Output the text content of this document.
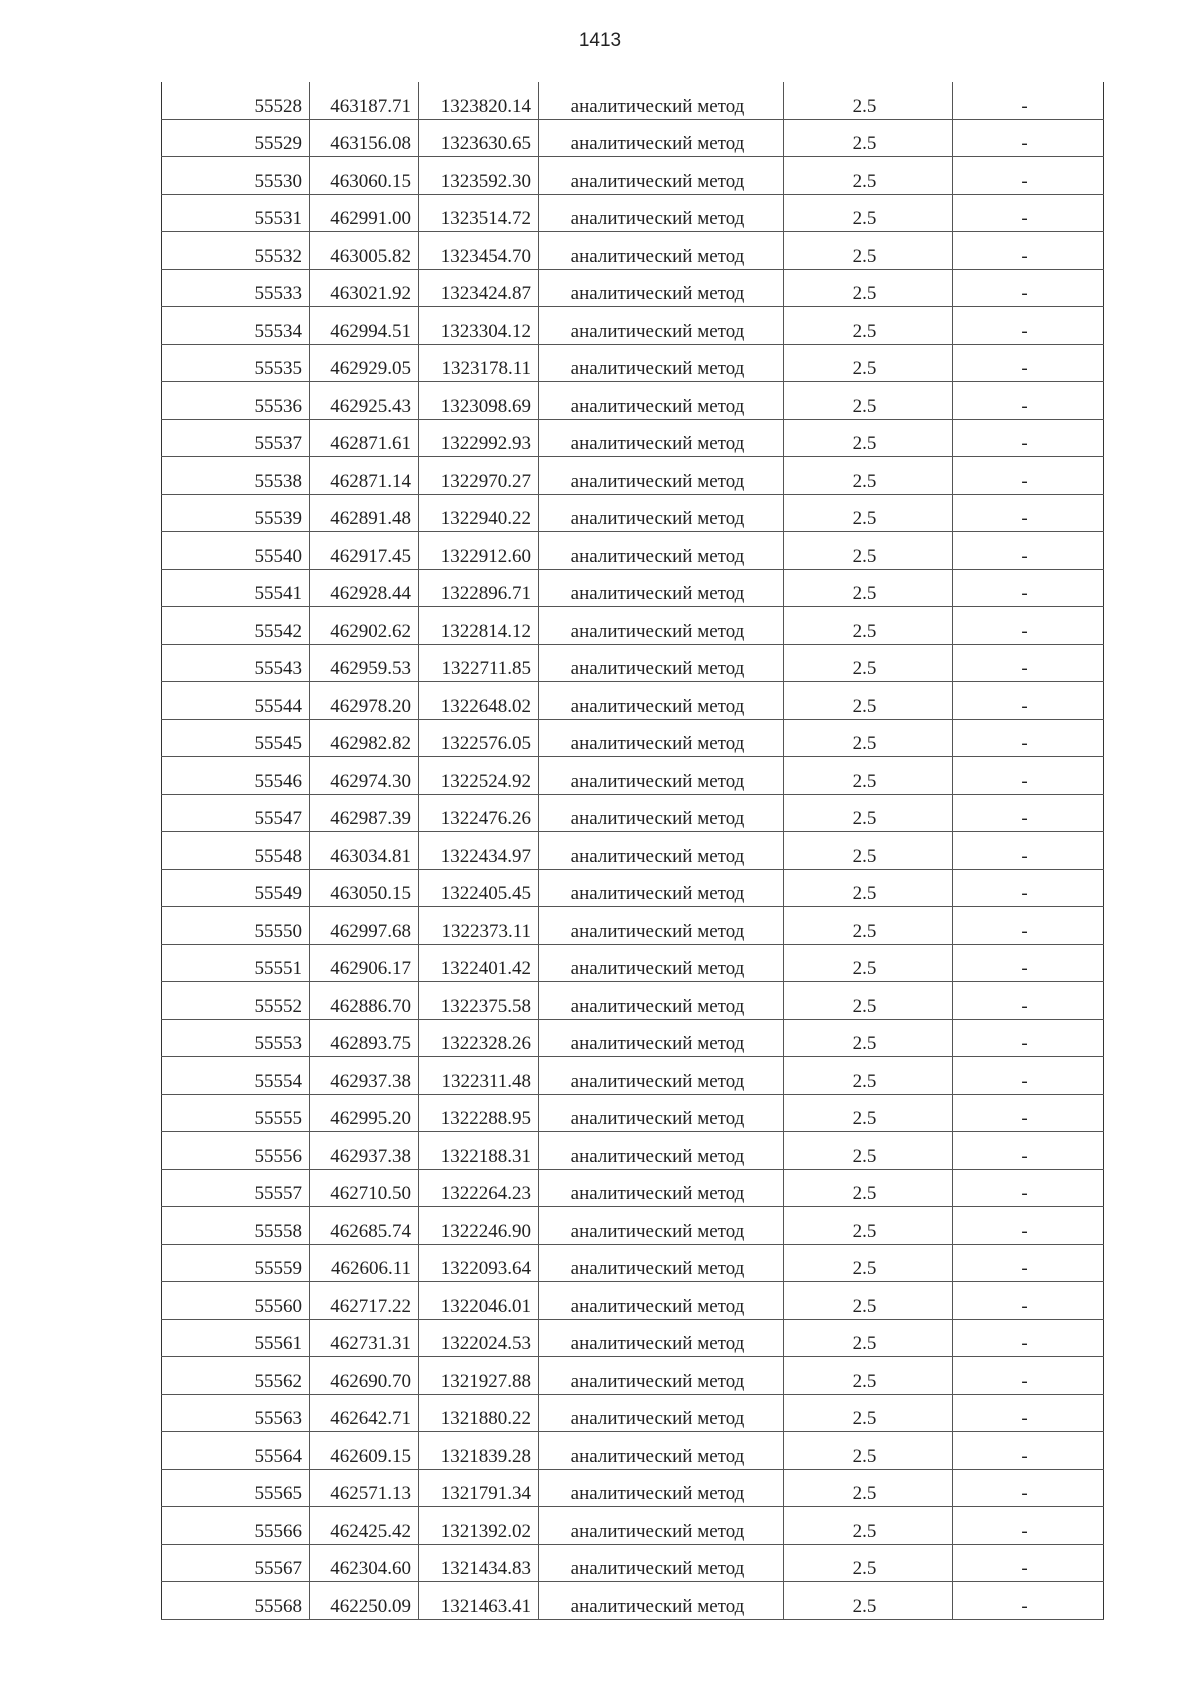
1413
55528	463187.71	1323820.14	аналитический метод	2.5	-
55529	463156.08	1323630.65	аналитический метод	2.5	-
55530	463060.15	1323592.30	аналитический метод	2.5	-
55531	462991.00	1323514.72	аналитический метод	2.5	-
55532	463005.82	1323454.70	аналитический метод	2.5	-
55533	463021.92	1323424.87	аналитический метод	2.5	-
55534	462994.51	1323304.12	аналитический метод	2.5	-
55535	462929.05	1323178.11	аналитический метод	2.5	-
55536	462925.43	1323098.69	аналитический метод	2.5	-
55537	462871.61	1322992.93	аналитический метод	2.5	-
55538	462871.14	1322970.27	аналитический метод	2.5	-
55539	462891.48	1322940.22	аналитический метод	2.5	-
55540	462917.45	1322912.60	аналитический метод	2.5	-
55541	462928.44	1322896.71	аналитический метод	2.5	-
55542	462902.62	1322814.12	аналитический метод	2.5	-
55543	462959.53	1322711.85	аналитический метод	2.5	-
55544	462978.20	1322648.02	аналитический метод	2.5	-
55545	462982.82	1322576.05	аналитический метод	2.5	-
55546	462974.30	1322524.92	аналитический метод	2.5	-
55547	462987.39	1322476.26	аналитический метод	2.5	-
55548	463034.81	1322434.97	аналитический метод	2.5	-
55549	463050.15	1322405.45	аналитический метод	2.5	-
55550	462997.68	1322373.11	аналитический метод	2.5	-
55551	462906.17	1322401.42	аналитический метод	2.5	-
55552	462886.70	1322375.58	аналитический метод	2.5	-
55553	462893.75	1322328.26	аналитический метод	2.5	-
55554	462937.38	1322311.48	аналитический метод	2.5	-
55555	462995.20	1322288.95	аналитический метод	2.5	-
55556	462937.38	1322188.31	аналитический метод	2.5	-
55557	462710.50	1322264.23	аналитический метод	2.5	-
55558	462685.74	1322246.90	аналитический метод	2.5	-
55559	462606.11	1322093.64	аналитический метод	2.5	-
55560	462717.22	1322046.01	аналитический метод	2.5	-
55561	462731.31	1322024.53	аналитический метод	2.5	-
55562	462690.70	1321927.88	аналитический метод	2.5	-
55563	462642.71	1321880.22	аналитический метод	2.5	-
55564	462609.15	1321839.28	аналитический метод	2.5	-
55565	462571.13	1321791.34	аналитический метод	2.5	-
55566	462425.42	1321392.02	аналитический метод	2.5	-
55567	462304.60	1321434.83	аналитический метод	2.5	-
55568	462250.09	1321463.41	аналитический метод	2.5	-
